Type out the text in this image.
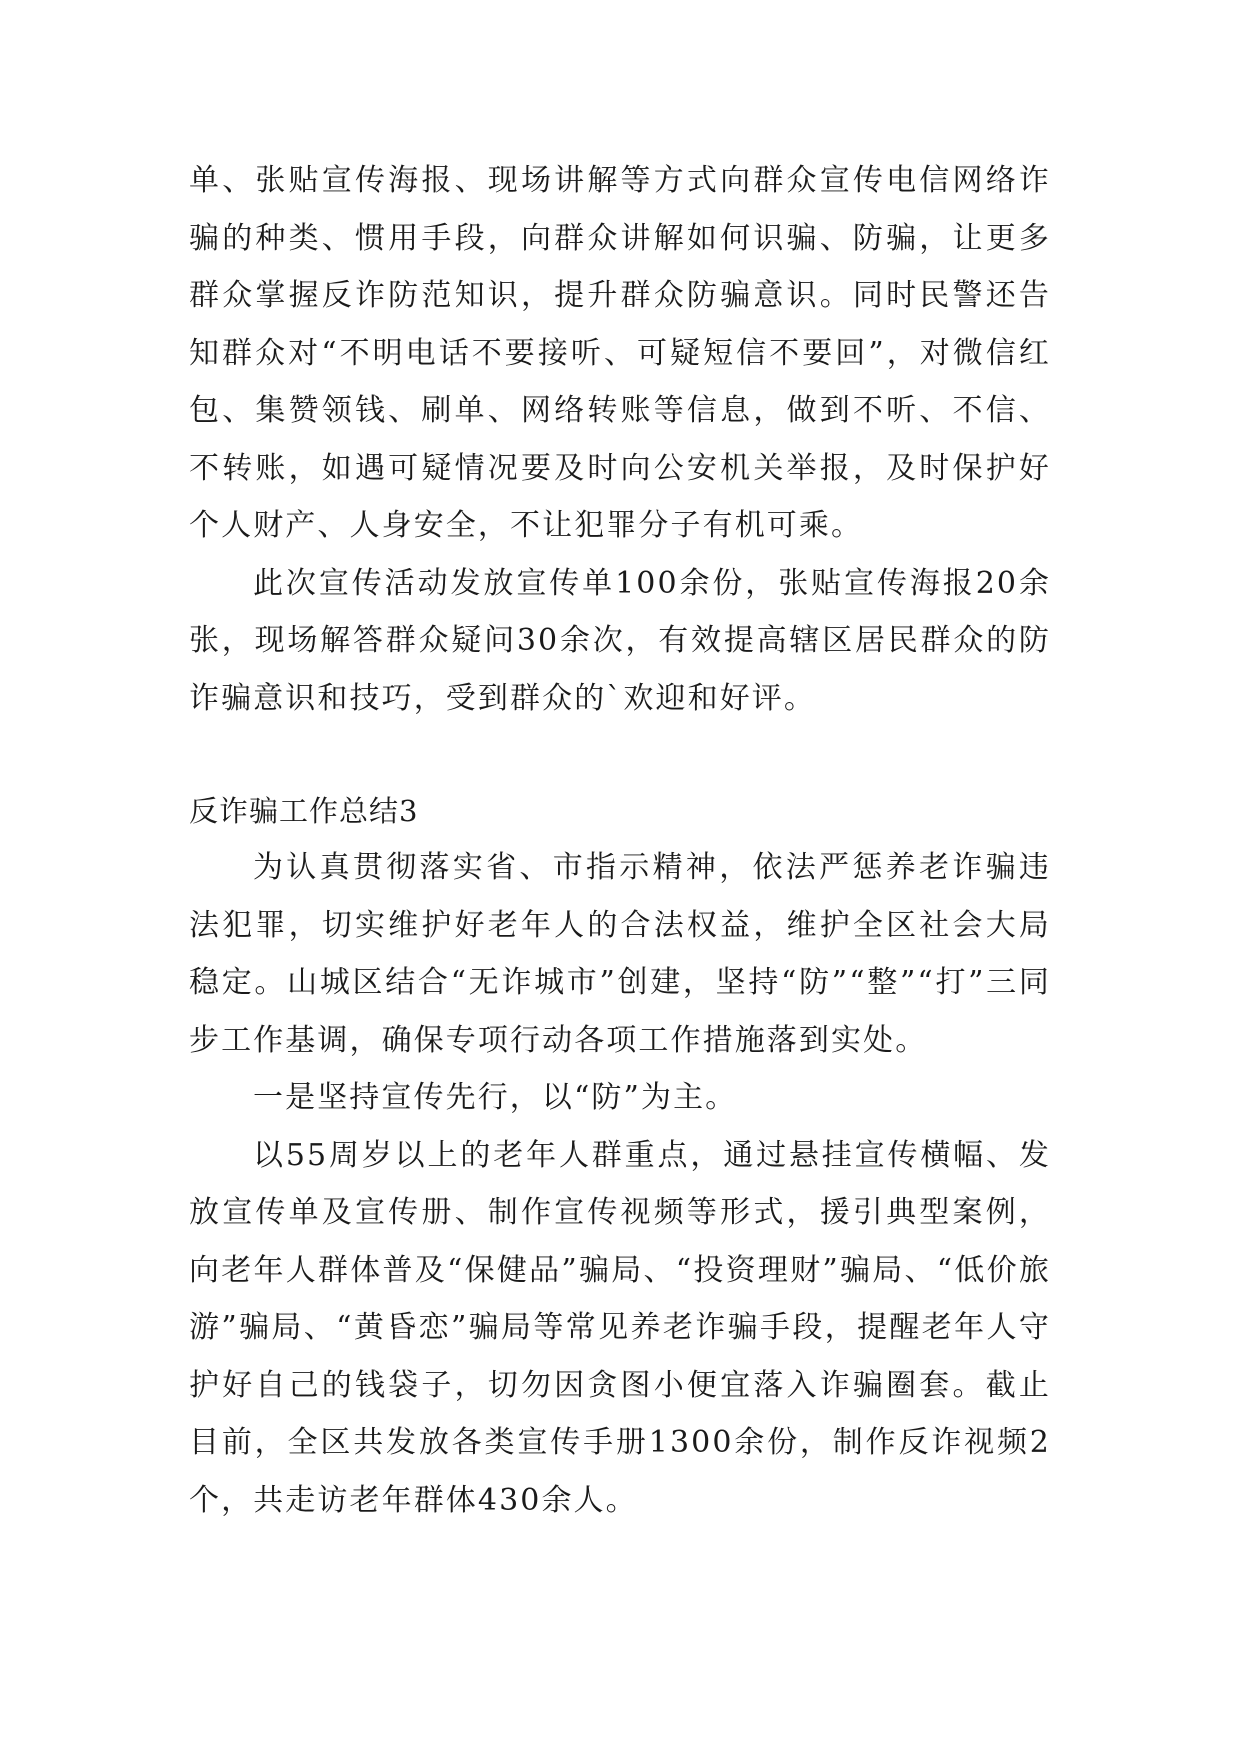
单、张贴宣传海报、现场讲解等方式向群众宣传电信网络诈骗的种类、惯用手段，向群众讲解如何识骗、防骗，让更多群众掌握反诈防范知识，提升群众防骗意识。同时民警还告知群众对“不明电话不要接听、可疑短信不要回”，对微信红包、集赞领钱、刷单、网络转账等信息，做到不听、不信、不转账，如遇可疑情况要及时向公安机关举报，及时保护好个人财产、人身安全，不让犯罪分子有机可乘。

此次宣传活动发放宣传单100余份，张贴宣传海报20余张，现场解答群众疑问30余次，有效提高辖区居民群众的防诈骗意识和技巧，受到群众的`欢迎和好评。

反诈骗工作总结3

为认真贯彻落实省、市指示精神，依法严惩养老诈骗违法犯罪，切实维护好老年人的合法权益，维护全区社会大局稳定。山城区结合“无诈城市”创建，坚持“防”“整”“打”三同步工作基调，确保专项行动各项工作措施落到实处。

一是坚持宣传先行，以“防”为主。

以55周岁以上的老年人群重点，通过悬挂宣传横幅、发放宣传单及宣传册、制作宣传视频等形式，援引典型案例，向老年人群体普及“保健品”骗局、“投资理财”骗局、“低价旅游”骗局、“黄昏恋”骗局等常见养老诈骗手段，提醒老年人守护好自己的钱袋子，切勿因贪图小便宜落入诈骗圈套。截止目前，全区共发放各类宣传手册1300余份，制作反诈视频2个，共走访老年群体430余人。
